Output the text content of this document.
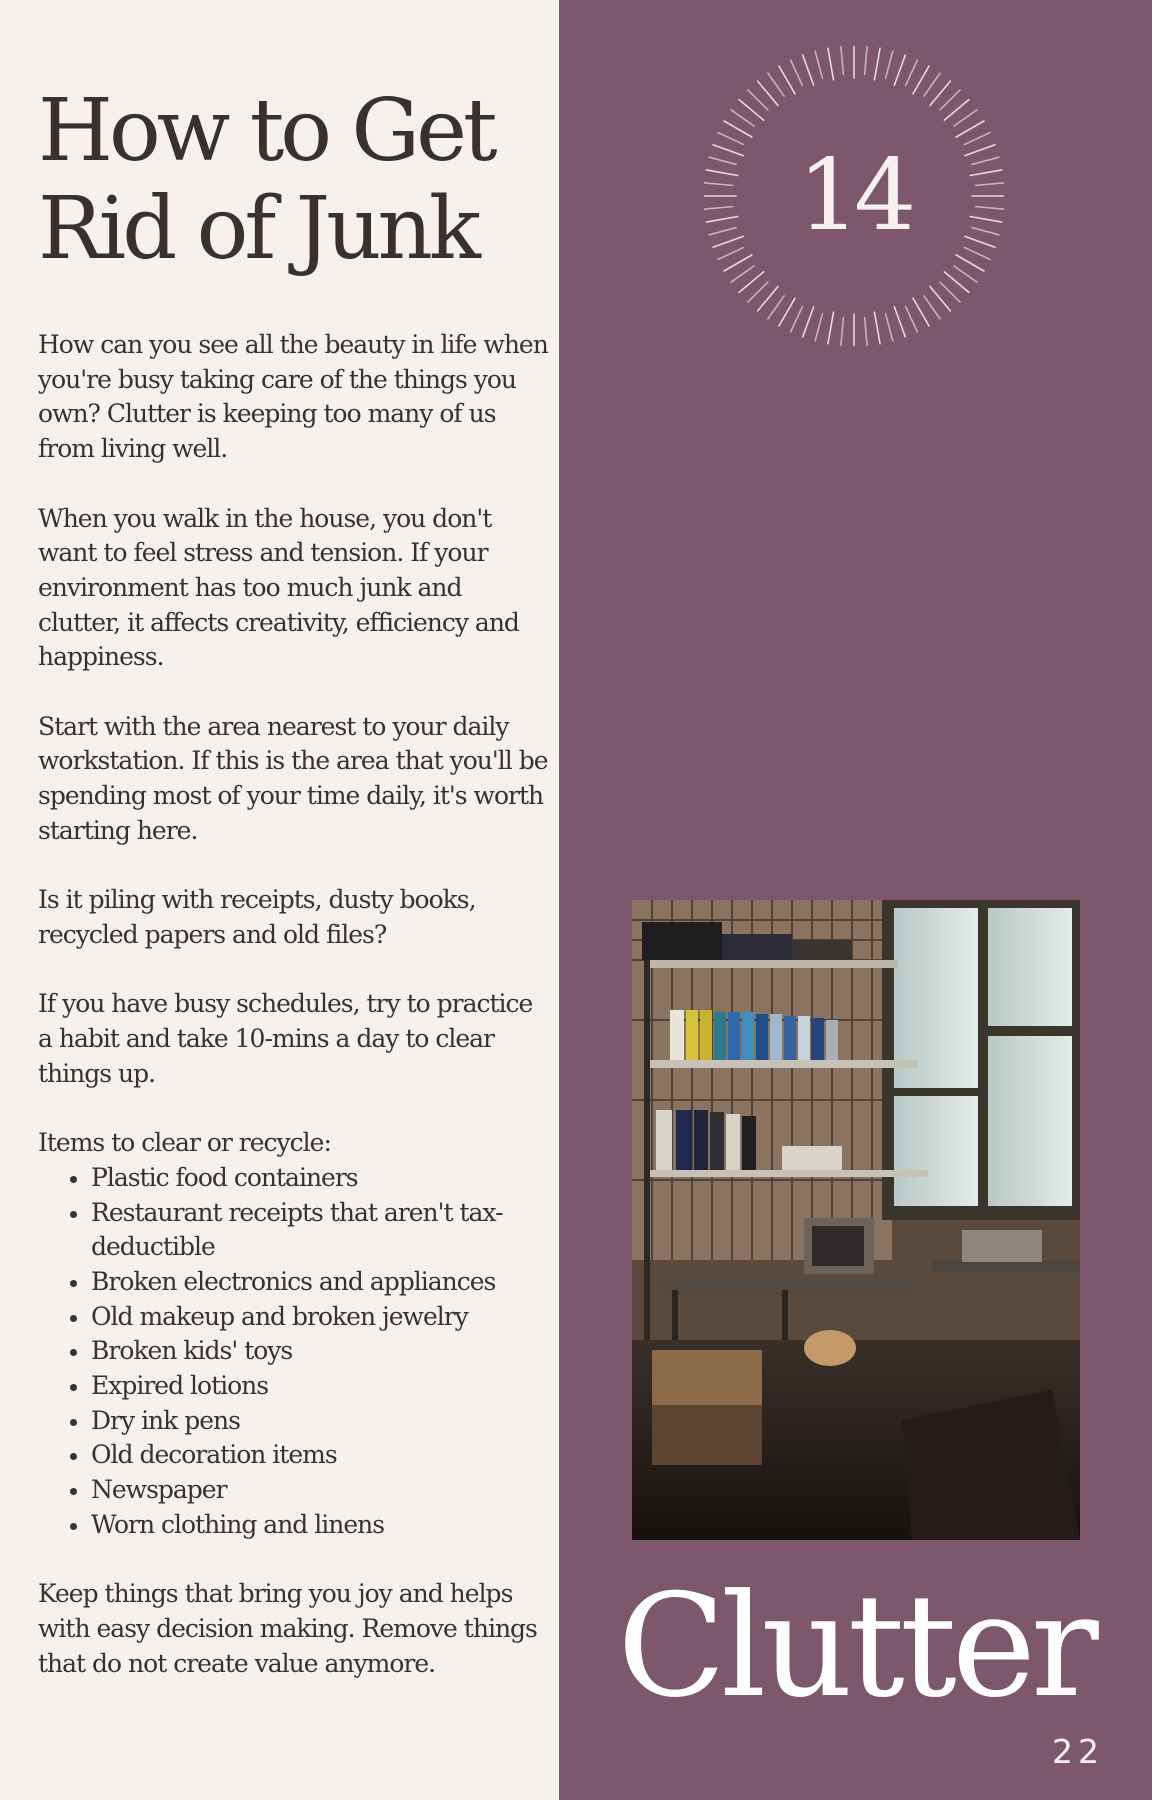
How to Get
Rid of Junk

How can you see all the beauty in life when you're busy taking care of the things you own? Clutter is keeping too many of us from living well.

When you walk in the house, you don't want to feel stress and tension. If your environment has too much junk and clutter, it affects creativity, efficiency and happiness.

Start with the area nearest to your daily workstation. If this is the area that you'll be spending most of your time daily, it's worth starting here.

Is it piling with receipts, dusty books, recycled papers and old files?

If you have busy schedules, try to practice a habit and take 10-mins a day to clear things up.

Items to clear or recycle:

Plastic food containers
Restaurant receipts that aren't tax-deductible
Broken electronics and appliances
Old makeup and broken jewelry
Broken kids' toys
Expired lotions
Dry ink pens
Old decoration items
Newspaper
Worn clothing and linens

Keep things that bring you joy and helps with easy decision making. Remove things that do not create value anymore.

14
Clutter
22
